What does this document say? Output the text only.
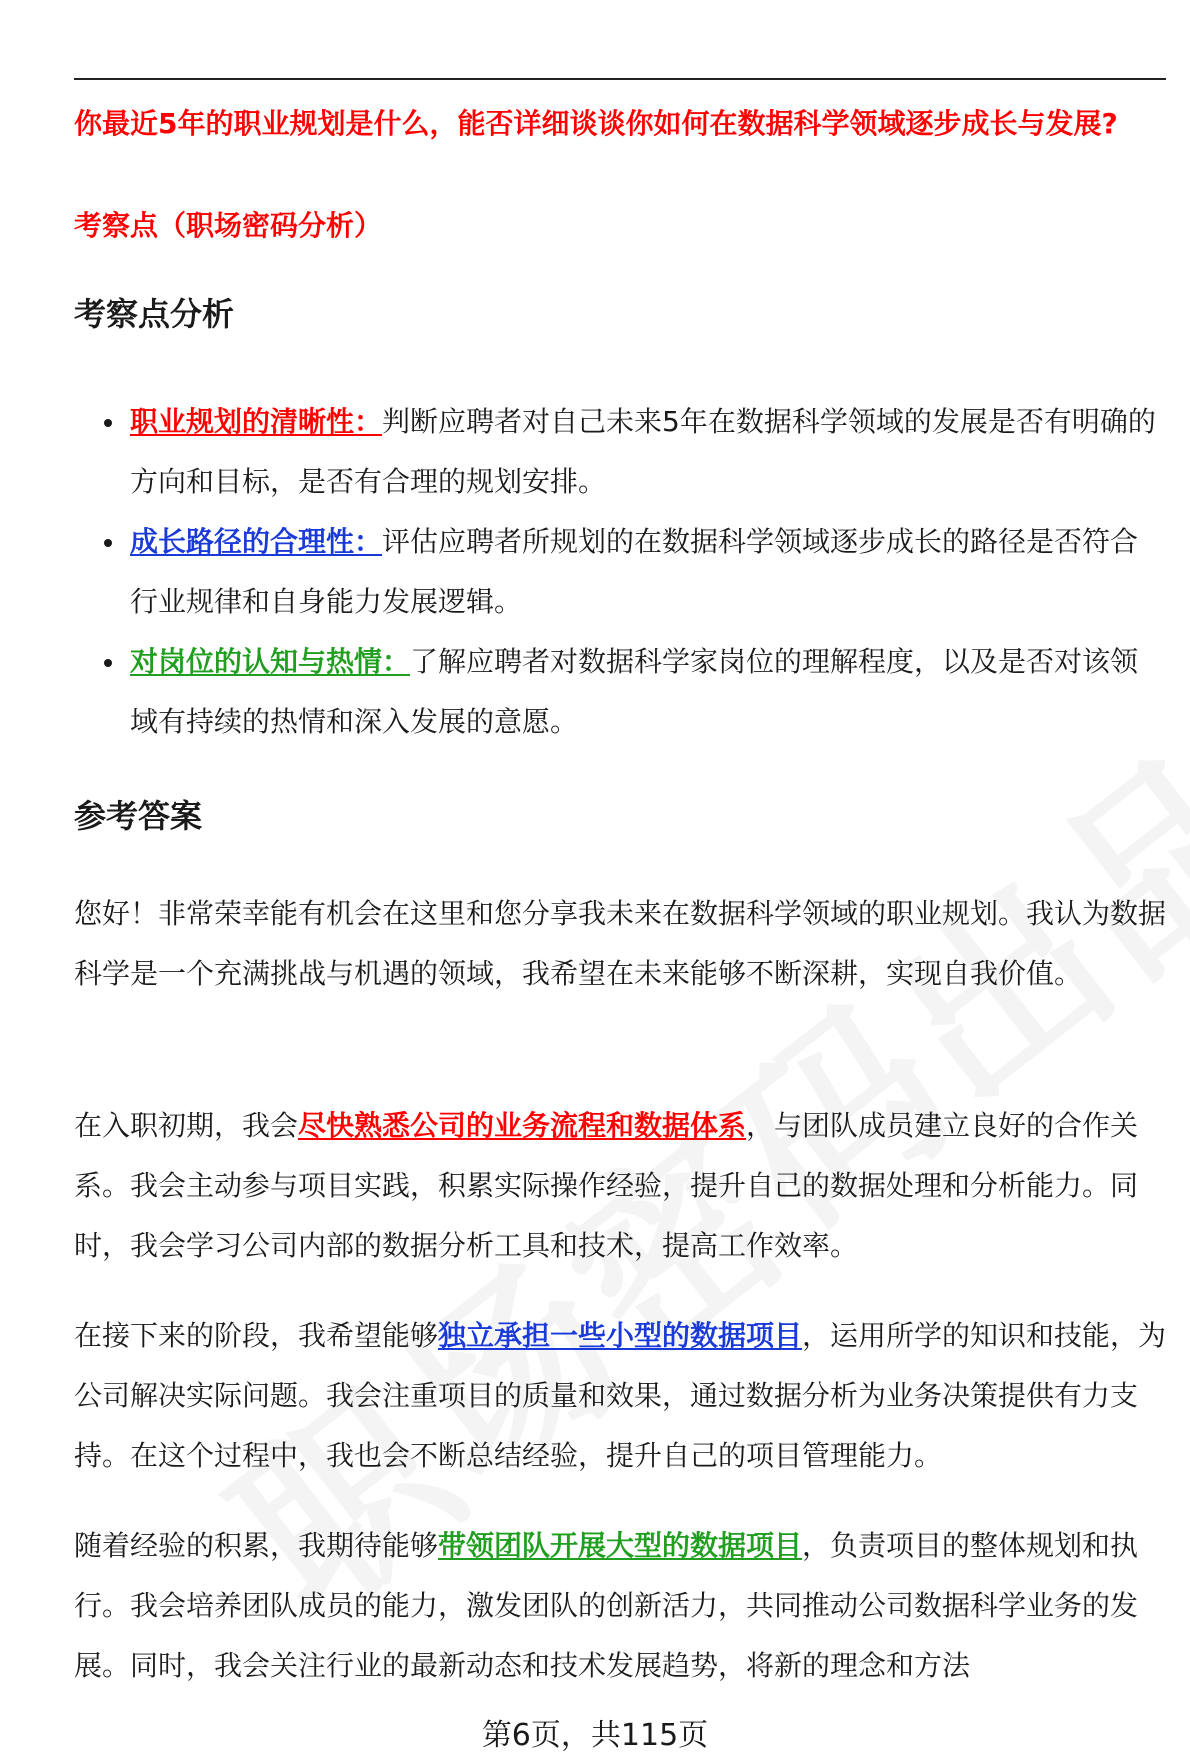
你最近5年的职业规划是什么，能否详细谈谈你如何在数据科学领域逐步成长与发展?
考察点（职场密码分析）
考察点分析
职业规划的清晰性：判断应聘者对自己未来5年在数据科学领域的发展是否有明确的方向和目标，是否有合理的规划安排。
成长路径的合理性：评估应聘者所规划的在数据科学领域逐步成长的路径是否符合行业规律和自身能力发展逻辑。
对岗位的认知与热情：了解应聘者对数据科学家岗位的理解程度，以及是否对该领域有持续的热情和深入发展的意愿。
参考答案
您好！非常荣幸能有机会在这里和您分享我未来在数据科学领域的职业规划。我认为数据科学是一个充满挑战与机遇的领域，我希望在未来能够不断深耕，实现自我价值。
在入职初期，我会尽快熟悉公司的业务流程和数据体系，与团队成员建立良好的合作关系。我会主动参与项目实践，积累实际操作经验，提升自己的数据处理和分析能力。同时，我会学习公司内部的数据分析工具和技术，提高工作效率。
在接下来的阶段，我希望能够独立承担一些小型的数据项目，运用所学的知识和技能，为公司解决实际问题。我会注重项目的质量和效果，通过数据分析为业务决策提供有力支持。在这个过程中，我也会不断总结经验，提升自己的项目管理能力。
随着经验的积累，我期待能够带领团队开展大型的数据项目，负责项目的整体规划和执行。我会培养团队成员的能力，激发团队的创新活力，共同推动公司数据科学业务的发展。同时，我会关注行业的最新动态和技术发展趋势，将新的理念和方法
第6页，共115页
